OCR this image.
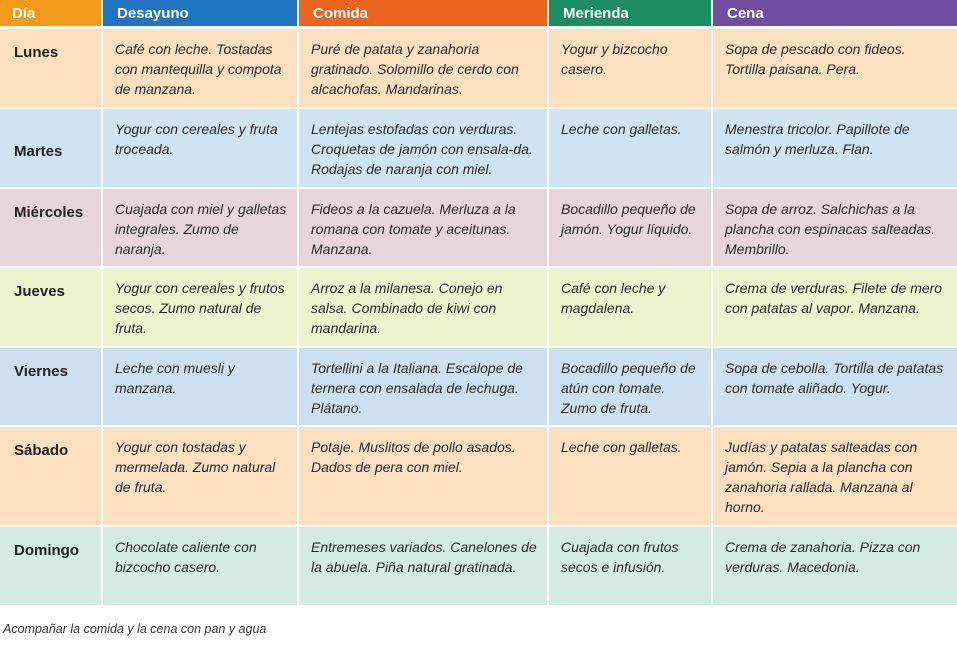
Día	Desayuno	Comida	Merienda	Cena
Lunes	Café con leche. Tostadas con mantequilla y compota de manzana.	Puré de patata y zanahoria gratinado. Solomillo de cerdo con alcachofas. Mandarinas.	Yogur y bizcocho casero.	Sopa de pescado con fideos. Tortilla paisana. Pera.
Martes	Yogur con cereales y fruta troceada.	Lentejas estofadas con verduras. Croquetas de jamón con ensala-da. Rodajas de naranja con miel.	Leche con galletas.	Menestra tricolor. Papillote de salmón y merluza. Flan.
Miércoles	Cuajada con miel y galletas integrales. Zumo de naranja.	Fideos a la cazuela. Merluza a la romana con tomate y aceitunas. Manzana.	Bocadillo pequeño de jamón. Yogur líquido.	Sopa de arroz. Salchichas a la plancha con espinacas salteadas. Membrillo.
Jueves	Yogur con cereales y frutos secos. Zumo natural de fruta.	Arroz a la milanesa. Conejo en salsa. Combinado de kiwi con mandarina.	Café con leche y magdalena.	Crema de verduras. Filete de mero con patatas al vapor. Manzana.
Viernes	Leche con muesli y manzana.	Tortellini a la Italiana. Escalope de ternera con ensalada de lechuga. Plátano.	Bocadillo pequeño de atún con tomate. Zumo de fruta.	Sopa de cebolla. Tortilla de patatas con tomate aliñado. Yogur.
Sábado	Yogur con tostadas y mermelada. Zumo natural de fruta.	Potaje. Muslitos de pollo asados. Dados de pera con miel.	Leche con galletas.	Judías y patatas salteadas con jamón. Sepia a la plancha con zanahoria rallada. Manzana al horno.
Domingo	Chocolate caliente con bizcocho casero.	Entremeses variados. Canelones de la abuela. Piña natural gratinada.	Cuajada con frutos secos e infusión.	Crema de zanahoria. Pizza con verduras. Macedonia.
Acompañar la comida y la cena con pan y agua
